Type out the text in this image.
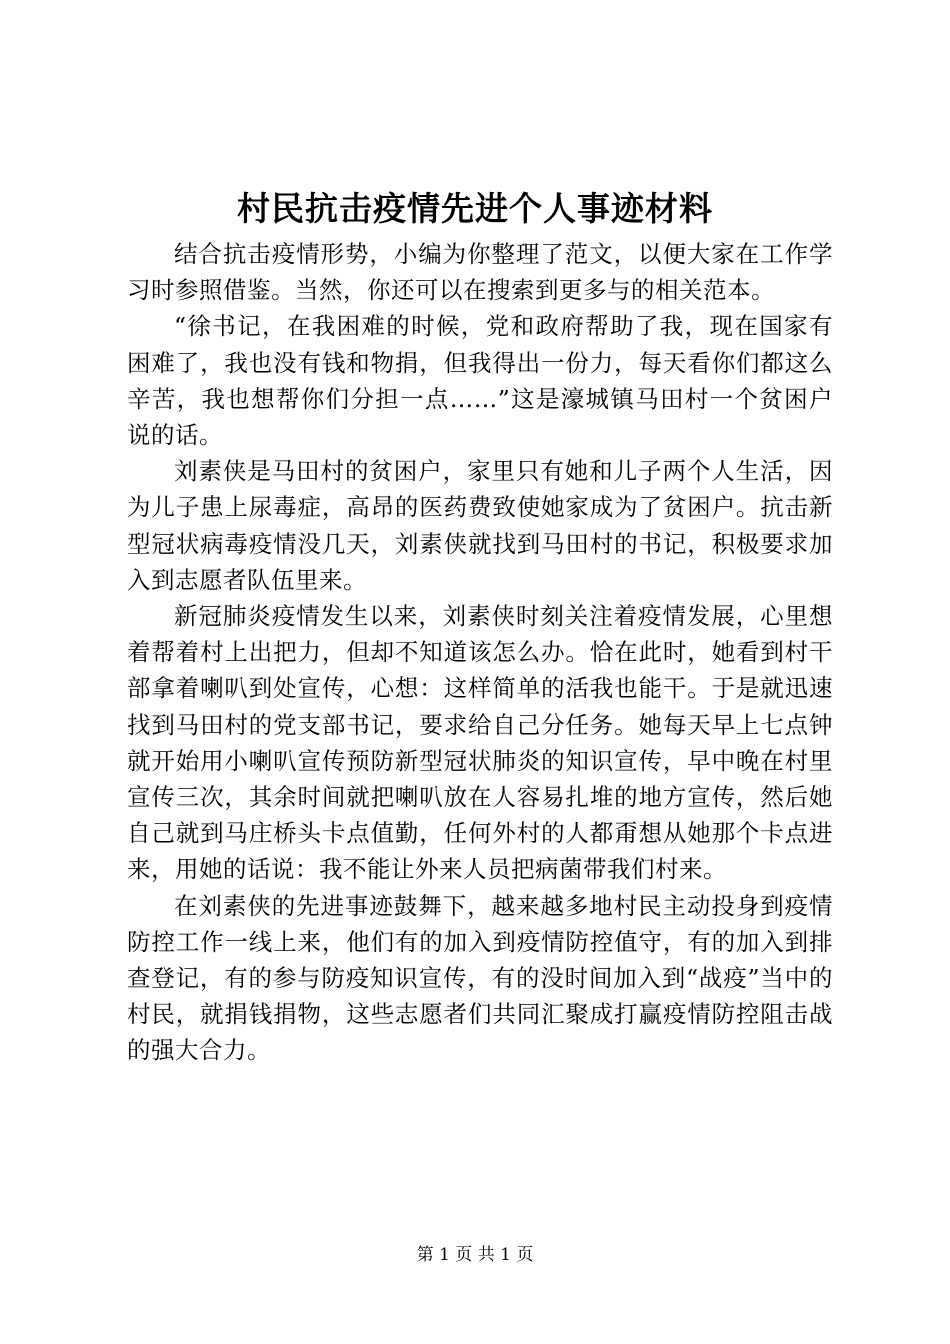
村民抗击疫情先进个人事迹材料

结合抗击疫情形势，小编为你整理了范文，以便大家在工作学习时参照借鉴。当然，你还可以在搜索到更多与的相关范本。

“徐书记，在我困难的时候，党和政府帮助了我，现在国家有困难了，我也没有钱和物捐，但我得出一份力，每天看你们都这么辛苦，我也想帮你们分担一点……”这是濠城镇马田村一个贫困户说的话。

刘素侠是马田村的贫困户，家里只有她和儿子两个人生活，因为儿子患上尿毒症，高昂的医药费致使她家成为了贫困户。抗击新型冠状病毒疫情没几天，刘素侠就找到马田村的书记，积极要求加入到志愿者队伍里来。

新冠肺炎疫情发生以来，刘素侠时刻关注着疫情发展，心里想着帮着村上出把力，但却不知道该怎么办。恰在此时，她看到村干部拿着喇叭到处宣传，心想：这样简单的活我也能干。于是就迅速找到马田村的党支部书记，要求给自己分任务。她每天早上七点钟就开始用小喇叭宣传预防新型冠状肺炎的知识宣传，早中晚在村里宣传三次，其余时间就把喇叭放在人容易扎堆的地方宣传，然后她自己就到马庄桥头卡点值勤，任何外村的人都甭想从她那个卡点进来，用她的话说：我不能让外来人员把病菌带我们村来。

在刘素侠的先进事迹鼓舞下，越来越多地村民主动投身到疫情防控工作一线上来，他们有的加入到疫情防控值守，有的加入到排查登记，有的参与防疫知识宣传，有的没时间加入到“战疫”当中的村民，就捐钱捐物，这些志愿者们共同汇聚成打赢疫情防控阻击战的强大合力。

第 1 页 共 1 页
